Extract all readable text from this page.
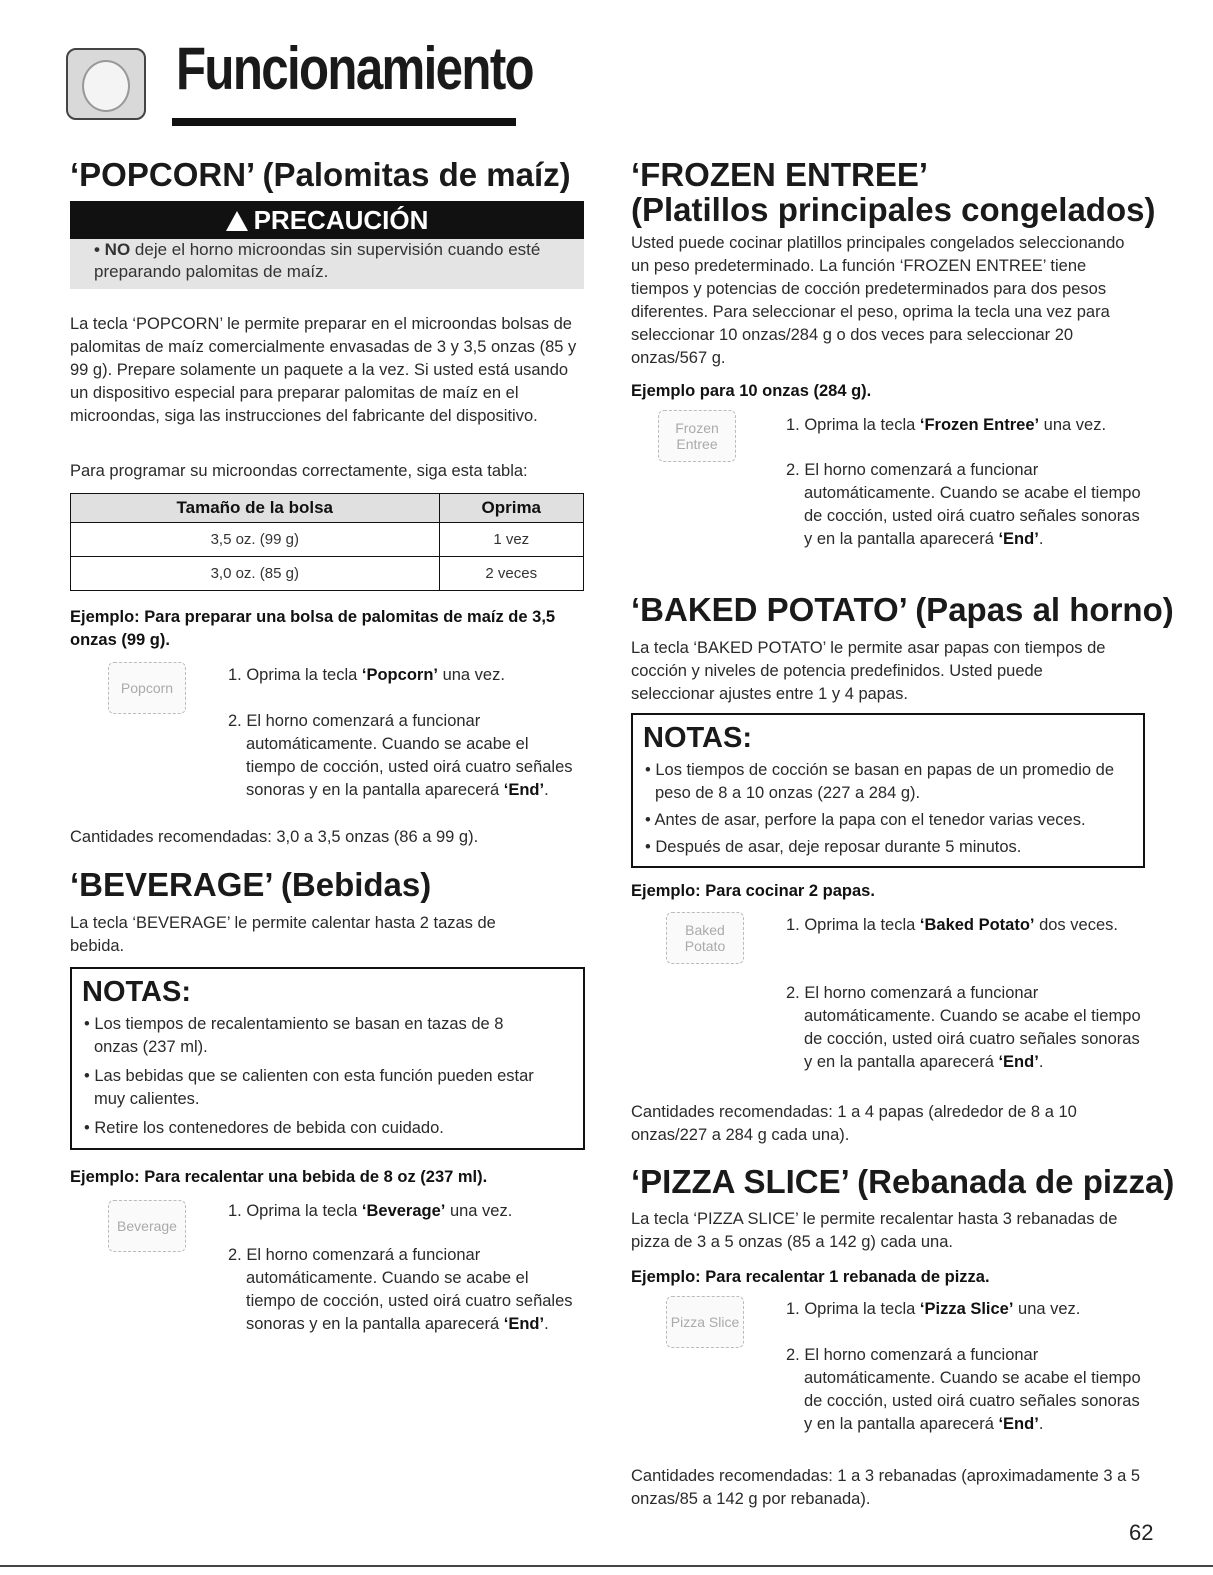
Funcionamiento
‘POPCORN’ (Palomitas de maíz)
PRECAUCIÓN
• NO deje el horno microondas sin supervisión cuando esté preparando palomitas de maíz.

La tecla ‘POPCORN’ le permite preparar en el microondas bolsas de palomitas de maíz comercialmente envasadas de 3 y 3,5 onzas (85 y 99 g). Prepare solamente un paquete a la vez. Si usted está usando un dispositivo especial para preparar palomitas de maíz en el microondas, siga las instrucciones del fabricante del dispositivo.

Para programar su microondas correctamente, siga esta tabla:

Tamaño de la bolsa	Oprima
3,5 oz. (99 g)	1 vez
3,0 oz. (85 g)	2 veces
Ejemplo: Para preparar una bolsa de palomitas de maíz de 3,5 onzas (99 g).
Popcorn
1. Oprima la tecla ‘Popcorn’ una vez.
2. El horno comenzará a funcionar automáticamente. Cuando se acabe el tiempo de cocción, usted oirá cuatro señales sonoras y en la pantalla aparecerá ‘End’.

Cantidades recomendadas: 3,0 a 3,5 onzas (86 a 99 g).

‘BEVERAGE’ (Bebidas)

La tecla ‘BEVERAGE’ le permite calentar hasta 2 tazas de bebida.

NOTAS:
• Los tiempos de recalentamiento se basan en tazas de 8 onzas (237 ml).
• Las bebidas que se calienten con esta función pueden estar muy calientes.
• Retire los contenedores de bebida con cuidado.
Ejemplo: Para recalentar una bebida de 8 oz (237 ml).
Beverage
1. Oprima la tecla ‘Beverage’ una vez.
2. El horno comenzará a funcionar automáticamente. Cuando se acabe el tiempo de cocción, usted oirá cuatro señales sonoras y en la pantalla aparecerá ‘End’.
‘FROZEN ENTREE’
(Platillos principales congelados)

Usted puede cocinar platillos principales congelados seleccionando un peso predeterminado. La función ‘FROZEN ENTREE’ tiene tiempos y potencias de cocción predeterminados para dos pesos diferentes. Para seleccionar el peso, oprima la tecla una vez para seleccionar 10 onzas/284 g o dos veces para seleccionar 20 onzas/567 g.

Ejemplo para 10 onzas (284 g).
Frozen Entree
1. Oprima la tecla ‘Frozen Entree’ una vez.
2. El horno comenzará a funcionar automáticamente. Cuando se acabe el tiempo de cocción, usted oirá cuatro señales sonoras y en la pantalla aparecerá ‘End’.
‘BAKED POTATO’ (Papas al horno)

La tecla ‘BAKED POTATO’ le permite asar papas con tiempos de cocción y niveles de potencia predefinidos. Usted puede seleccionar ajustes entre 1 y 4 papas.

NOTAS:
• Los tiempos de cocción se basan en papas de un promedio de peso de 8 a 10 onzas (227 a 284 g).
• Antes de asar, perfore la papa con el tenedor varias veces.
• Después de asar, deje reposar durante 5 minutos.
Ejemplo: Para cocinar 2 papas.
Baked Potato
1. Oprima la tecla ‘Baked Potato’ dos veces.
2. El horno comenzará a funcionar automáticamente. Cuando se acabe el tiempo de cocción, usted oirá cuatro señales sonoras y en la pantalla aparecerá ‘End’.

Cantidades recomendadas: 1 a 4 papas (alrededor de 8 a 10 onzas/227 a 284 g cada una).

‘PIZZA SLICE’ (Rebanada de pizza)

La tecla ‘PIZZA SLICE’ le permite recalentar hasta 3 rebanadas de pizza de 3 a 5 onzas (85 a 142 g) cada una.

Ejemplo: Para recalentar 1 rebanada de pizza.
Pizza Slice
1. Oprima la tecla ‘Pizza Slice’ una vez.
2. El horno comenzará a funcionar automáticamente. Cuando se acabe el tiempo de cocción, usted oirá cuatro señales sonoras y en la pantalla aparecerá ‘End’.

Cantidades recomendadas: 1 a 3 rebanadas (aproximadamente 3 a 5 onzas/85 a 142 g por rebanada).

62
